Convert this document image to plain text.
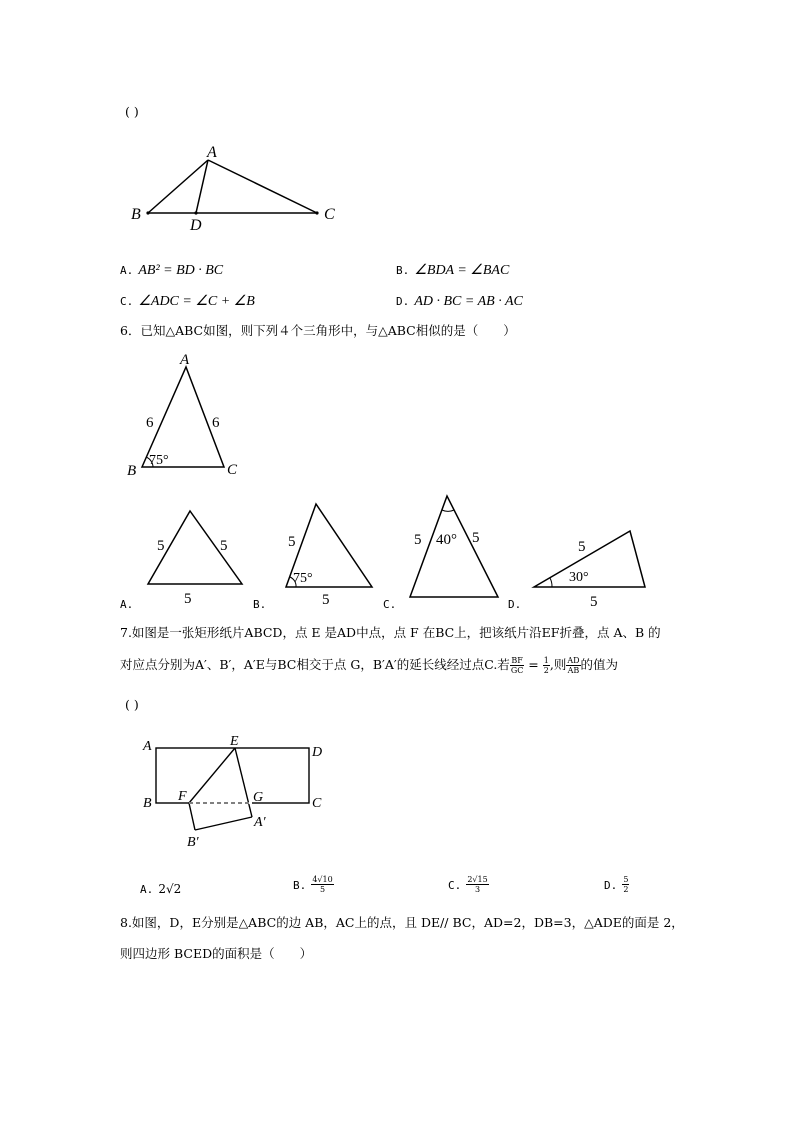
( )
A
B	C
D
A. AB² = BD · BC	B. ∠BDA = ∠BAC
C. ∠ADC = ∠C + ∠B	D. AD · BC = AB · AC
6．已知△ABC如图，则下列４个三角形中，与△ABC相似的是（　　）
A
B	C
6	6
75°
5	5
5
A.
5
5
75°
B.
5	5
40°
C.
5
5
30°
D.
7.如图是一张矩形纸片ABCD，点 E 是AD中点，点 F 在BC上，把该纸片沿EF折叠，点 A、B 的
对应点分别为A′、B′，A′E与BC相交于点 G，B′A′的延长线经过点C.若 $\frac{BF}{GC} = \frac{1}{2}$ ,则 $\frac{AD}{AB}$ 的值为
( )
A
B	C
D
E
F	G
A′
B′
A. 2√2	B. $\frac{4√10}{5}$	C. $\frac{2√15}{3}$	D. $\frac{5}{2}$
8.如图，D，E分别是△ABC的边 AB，AC上的点，且 DE// BC，AD=2，DB=3，△ADE的面是 2，
则四边形 BCED的面积是（　　）
